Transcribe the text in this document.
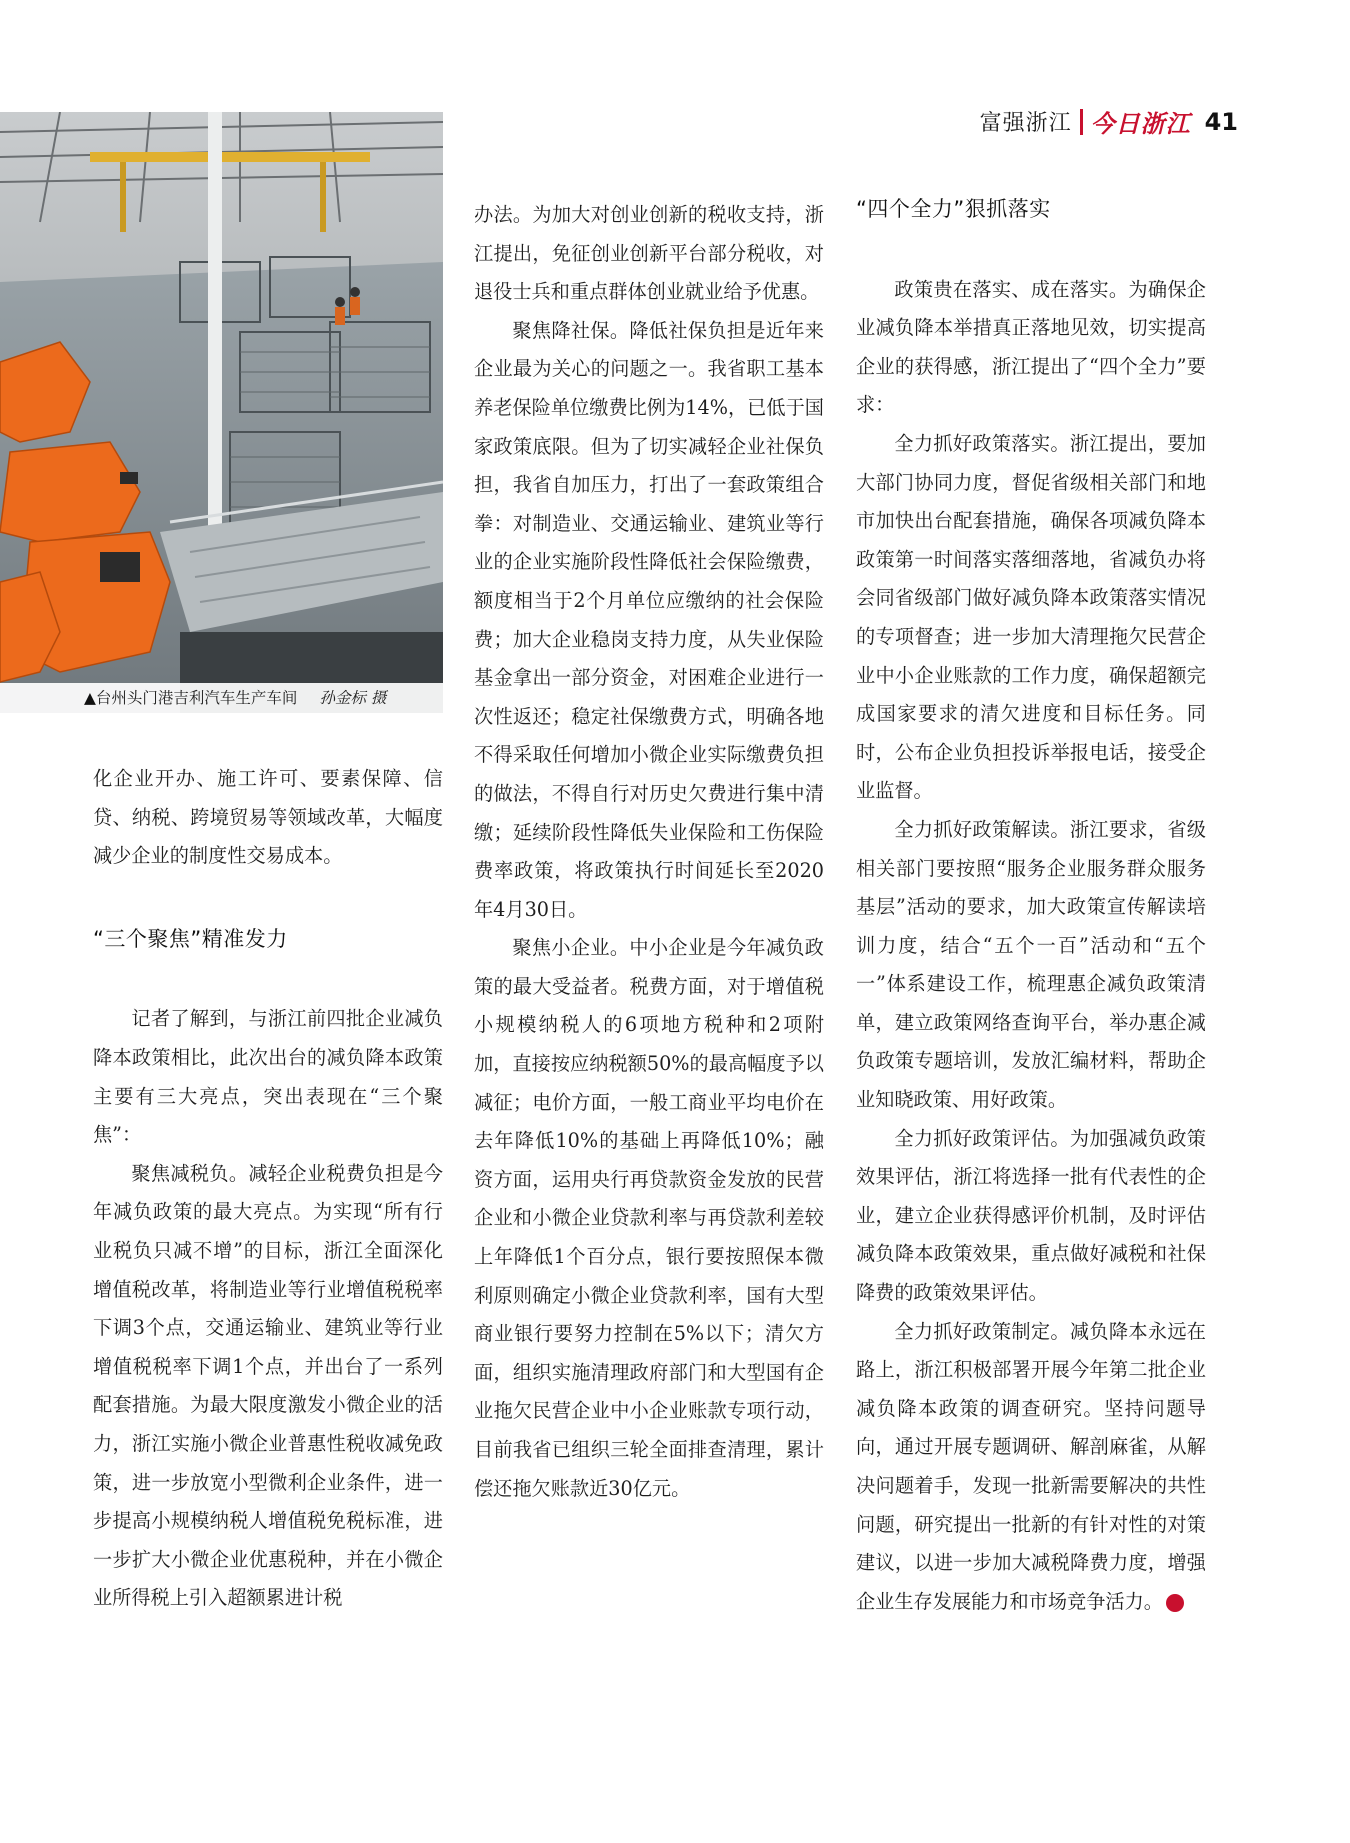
富强浙江 今日浙江 41
▲台州头门港吉利汽车生产车间 孙金标 摄

化企业开办、施工许可、要素保障、信贷、纳税、跨境贸易等领域改革，大幅度减少企业的制度性交易成本。

“三个聚焦”精准发力

记者了解到，与浙江前四批企业减负降本政策相比，此次出台的减负降本政策主要有三大亮点，突出表现在“三个聚焦”：

聚焦减税负。减轻企业税费负担是今年减负政策的最大亮点。为实现“所有行业税负只减不增”的目标，浙江全面深化增值税改革，将制造业等行业增值税税率下调3个点，交通运输业、建筑业等行业增值税税率下调1个点，并出台了一系列配套措施。为最大限度激发小微企业的活力，浙江实施小微企业普惠性税收减免政策，进一步放宽小型微利企业条件，进一步提高小规模纳税人增值税免税标准，进一步扩大小微企业优惠税种，并在小微企业所得税上引入超额累进计税

办法。为加大对创业创新的税收支持，浙江提出，免征创业创新平台部分税收，对退役士兵和重点群体创业就业给予优惠。

聚焦降社保。降低社保负担是近年来企业最为关心的问题之一。我省职工基本养老保险单位缴费比例为14%，已低于国家政策底限。但为了切实减轻企业社保负担，我省自加压力，打出了一套政策组合拳：对制造业、交通运输业、建筑业等行业的企业实施阶段性降低社会保险缴费，额度相当于2个月单位应缴纳的社会保险费；加大企业稳岗支持力度，从失业保险基金拿出一部分资金，对困难企业进行一次性返还；稳定社保缴费方式，明确各地不得采取任何增加小微企业实际缴费负担的做法，不得自行对历史欠费进行集中清缴；延续阶段性降低失业保险和工伤保险费率政策，将政策执行时间延长至2020年4月30日。

聚焦小企业。中小企业是今年减负政策的最大受益者。税费方面，对于增值税小规模纳税人的6项地方税种和2项附加，直接按应纳税额50%的最高幅度予以减征；电价方面，一般工商业平均电价在去年降低10%的基础上再降低10%；融资方面，运用央行再贷款资金发放的民营企业和小微企业贷款利率与再贷款利差较上年降低1个百分点，银行要按照保本微利原则确定小微企业贷款利率，国有大型商业银行要努力控制在5%以下；清欠方面，组织实施清理政府部门和大型国有企业拖欠民营企业中小企业账款专项行动，目前我省已组织三轮全面排查清理，累计偿还拖欠账款近30亿元。

“四个全力”狠抓落实

政策贵在落实、成在落实。为确保企业减负降本举措真正落地见效，切实提高企业的获得感，浙江提出了“四个全力”要求：

全力抓好政策落实。浙江提出，要加大部门协同力度，督促省级相关部门和地市加快出台配套措施，确保各项减负降本政策第一时间落实落细落地，省减负办将会同省级部门做好减负降本政策落实情况的专项督查；进一步加大清理拖欠民营企业中小企业账款的工作力度，确保超额完成国家要求的清欠进度和目标任务。同时，公布企业负担投诉举报电话，接受企业监督。

全力抓好政策解读。浙江要求，省级相关部门要按照“服务企业服务群众服务基层”活动的要求，加大政策宣传解读培训力度，结合“五个一百”活动和“五个一”体系建设工作，梳理惠企减负政策清单，建立政策网络查询平台，举办惠企减负政策专题培训，发放汇编材料，帮助企业知晓政策、用好政策。

全力抓好政策评估。为加强减负政策效果评估，浙江将选择一批有代表性的企业，建立企业获得感评价机制，及时评估减负降本政策效果，重点做好减税和社保降费的政策效果评估。

全力抓好政策制定。减负降本永远在路上，浙江积极部署开展今年第二批企业减负降本政策的调查研究。坚持问题导向，通过开展专题调研、解剖麻雀，从解决问题着手，发现一批新需要解决的共性问题，研究提出一批新的有针对性的对策建议，以进一步加大减税降费力度，增强企业生存发展能力和市场竞争活力。	今
